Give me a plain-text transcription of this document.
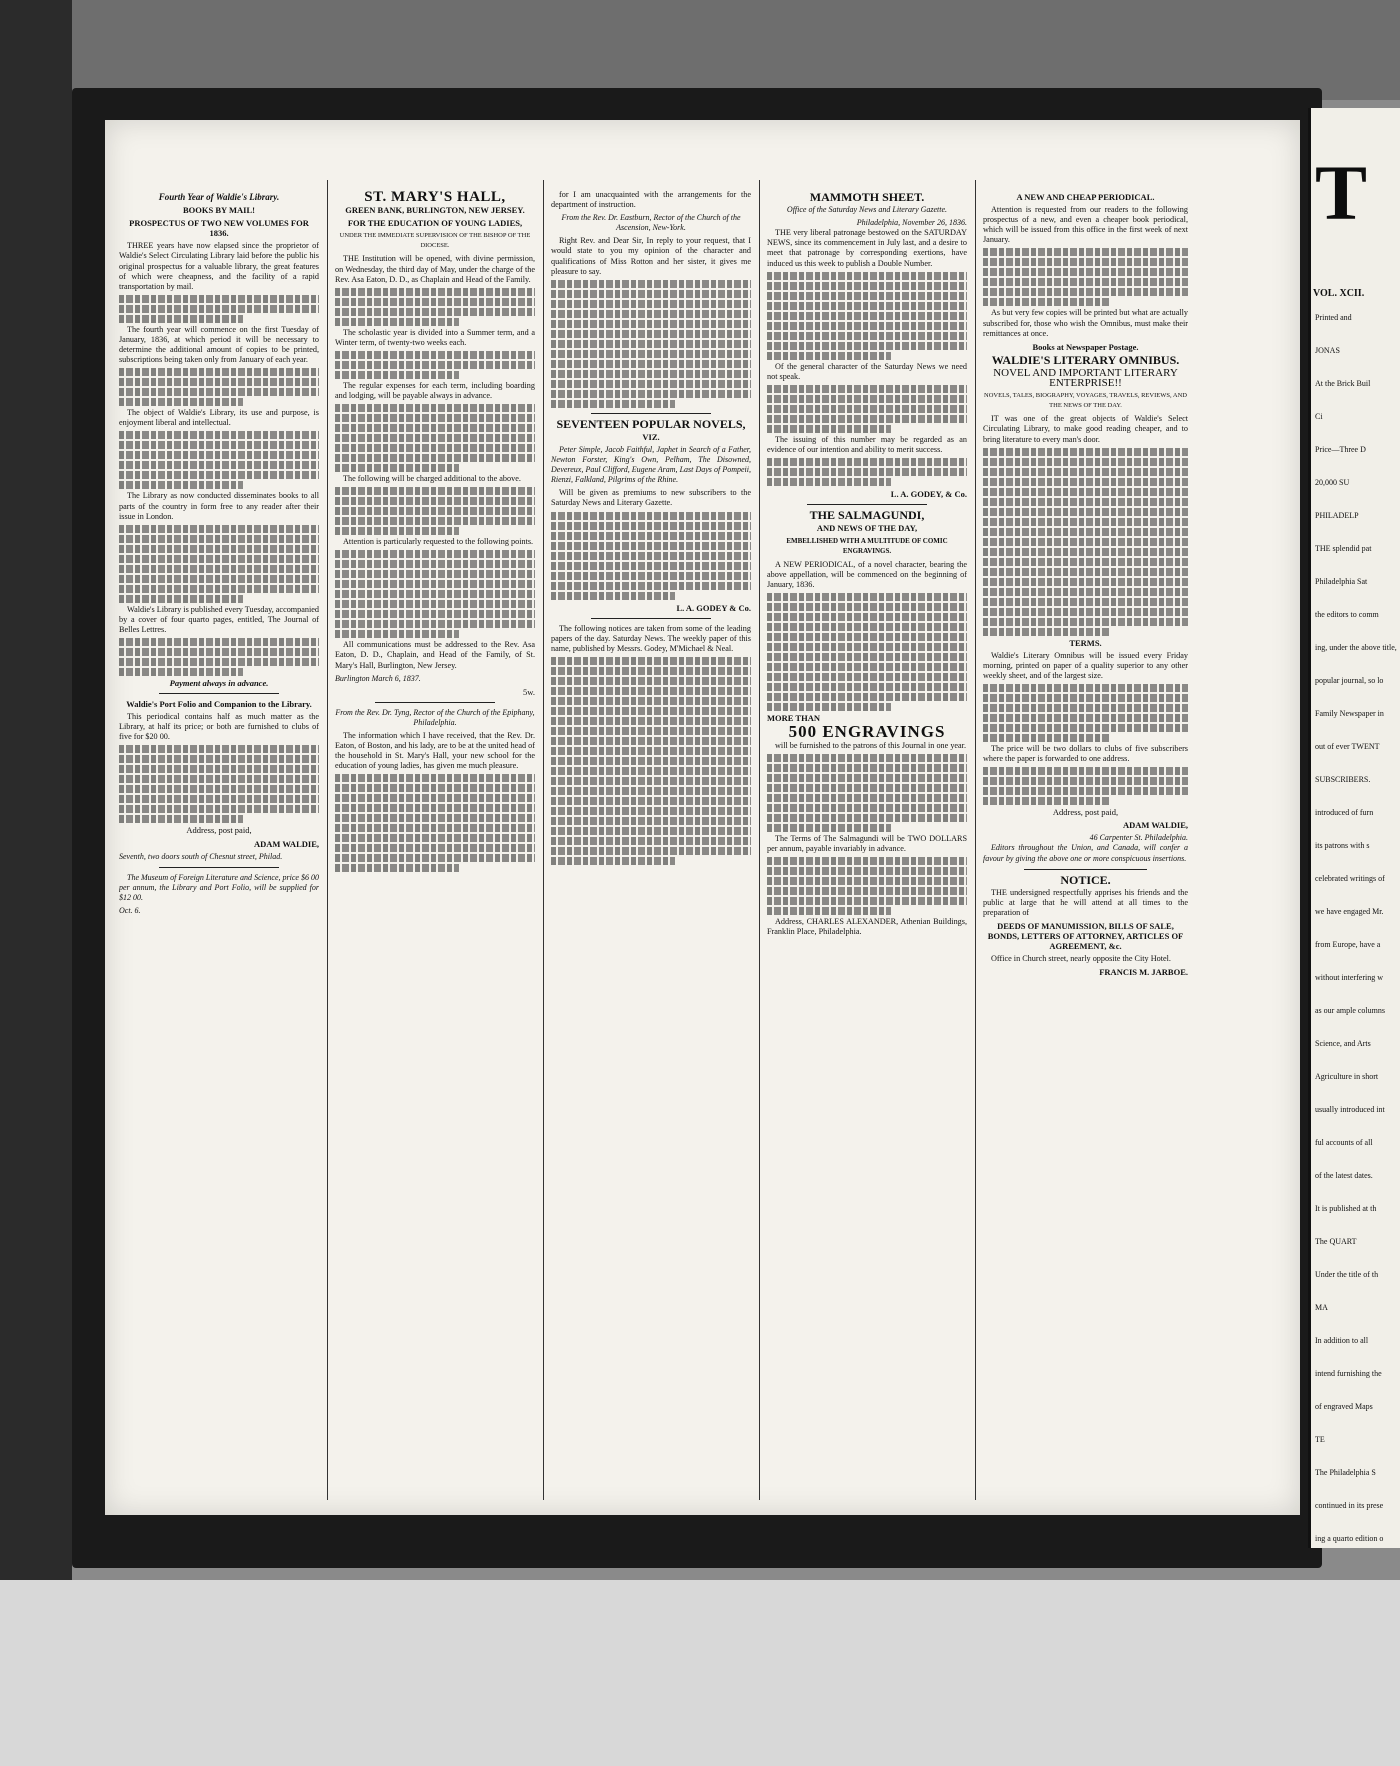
Fourth Year of Waldie's Library.
BOOKS BY MAIL!
PROSPECTUS OF TWO NEW VOLUMES FOR 1836.

THREE years have now elapsed since the proprietor of Waldie's Select Circulating Library laid before the public his original prospectus for a valuable library, the great features of which were cheapness, and the facility of a rapid transportation by mail.

The fourth year will commence on the first Tuesday of January, 1836, at which period it will be necessary to determine the additional amount of copies to be printed, subscriptions being taken only from January of each year.

The object of Waldie's Library, its use and purpose, is enjoyment liberal and intellectual.

The Library as now conducted disseminates books to all parts of the country in form free to any reader after their issue in London.

Waldie's Library is published every Tuesday, accompanied by a cover of four quarto pages, entitled, The Journal of Belles Lettres.

Payment always in advance.
Waldie's Port Folio and Companion to the Library.

This periodical contains half as much matter as the Library, at half its price; or both are furnished to clubs of five for $20 00.

Address, post paid,
ADAM WALDIE,
Seventh, two doors south of Chesnut street, Philad.

The Museum of Foreign Literature and Science, price $6 00 per annum, the Library and Port Folio, will be supplied for $12 00.

Oct. 6.
ST. MARY'S HALL,
GREEN BANK, BURLINGTON, NEW JERSEY.
FOR THE EDUCATION OF YOUNG LADIES,
UNDER THE IMMEDIATE SUPERVISION OF THE BISHOP OF THE DIOCESE.

THE Institution will be opened, with divine permission, on Wednesday, the third day of May, under the charge of the Rev. Asa Eaton, D. D., as Chaplain and Head of the Family.

The scholastic year is divided into a Summer term, and a Winter term, of twenty-two weeks each.

The regular expenses for each term, including boarding and lodging, will be payable always in advance.

The following will be charged additional to the above.

Attention is particularly requested to the following points.

All communications must be addressed to the Rev. Asa Eaton, D. D., Chaplain, and Head of the Family, of St. Mary's Hall, Burlington, New Jersey.

Burlington March 6, 1837.
5w.
From the Rev. Dr. Tyng, Rector of the Church of the Epiphany, Philadelphia.

The information which I have received, that the Rev. Dr. Eaton, of Boston, and his lady, are to be at the united head of the household in St. Mary's Hall, your new school for the education of young ladies, has given me much pleasure.

for I am unacquainted with the arrangements for the department of instruction.

From the Rev. Dr. Eastburn, Rector of the Church of the Ascension, New-York.

Right Rev. and Dear Sir, In reply to your request, that I would state to you my opinion of the character and qualifications of Miss Rotton and her sister, it gives me pleasure to say.

SEVENTEEN POPULAR NOVELS,
VIZ.

Peter Simple, Jacob Faithful, Japhet in Search of a Father, Newton Forster, King's Own, Pelham, The Disowned, Devereux, Paul Clifford, Eugene Aram, Last Days of Pompeii, Rienzi, Falkland, Pilgrims of the Rhine.

Will be given as premiums to new subscribers to the Saturday News and Literary Gazette.

L. A. GODEY & Co.

The following notices are taken from some of the leading papers of the day. Saturday News. The weekly paper of this name, published by Messrs. Godey, M'Michael & Neal.

MAMMOTH SHEET.
Office of the Saturday News and Literary Gazette.
Philadelphia, November 26, 1836.

THE very liberal patronage bestowed on the SATURDAY NEWS, since its commencement in July last, and a desire to meet that patronage by corresponding exertions, have induced us this week to publish a Double Number.

Of the general character of the Saturday News we need not speak.

The issuing of this number may be regarded as an evidence of our intention and ability to merit success.

L. A. GODEY, & Co.
THE SALMAGUNDI,
AND NEWS OF THE DAY,
EMBELLISHED WITH A MULTITUDE OF COMIC ENGRAVINGS.

A NEW PERIODICAL, of a novel character, bearing the above appellation, will be commenced on the beginning of January, 1836.

MORE THAN
500 ENGRAVINGS

will be furnished to the patrons of this Journal in one year.

The Terms of The Salmagundi will be TWO DOLLARS per annum, payable invariably in advance.

Address, CHARLES ALEXANDER, Athenian Buildings, Franklin Place, Philadelphia.

A NEW AND CHEAP PERIODICAL.

Attention is requested from our readers to the following prospectus of a new, and even a cheaper book periodical, which will be issued from this office in the first week of next January.

As but very few copies will be printed but what are actually subscribed for, those who wish the Omnibus, must make their remittances at once.

Books at Newspaper Postage.
WALDIE'S LITERARY OMNIBUS.
NOVEL AND IMPORTANT LITERARY ENTERPRISE!!
NOVELS, TALES, BIOGRAPHY, VOYAGES, TRAVELS, REVIEWS, AND THE NEWS OF THE DAY.

IT was one of the great objects of Waldie's Select Circulating Library, to make good reading cheaper, and to bring literature to every man's door.

TERMS.

Waldie's Literary Omnibus will be issued every Friday morning, printed on paper of a quality superior to any other weekly sheet, and of the largest size.

The price will be two dollars to clubs of five subscribers where the paper is forwarded to one address.

Address, post paid,
ADAM WALDIE,
46 Carpenter St. Philadelphia.

Editors throughout the Union, and Canada, will confer a favour by giving the above one or more conspicuous insertions.

NOTICE.

THE undersigned respectfully apprises his friends and the public at large that he will attend at all times to the preparation of

DEEDS OF MANUMISSION, BILLS OF SALE, BONDS, LETTERS OF ATTORNEY, ARTICLES OF AGREEMENT, &c.

Office in Church street, nearly opposite the City Hotel.

FRANCIS M. JARBOE.
T
VOL. XCII.
Printed and
JONAS
At the Brick Buil
Ci
Price—Three D
20,000 SU
PHILADELP
THE splendid pat
Philadelphia Sat
the editors to comm
ing, under the above title,
popular journal, so lo
Family Newspaper in
out of ever TWENT
SUBSCRIBERS.
introduced of furn
its patrons with s
celebrated writings of
we have engaged Mr.
from Europe, have a
without interfering w
as our ample columns
Science, and Arts
Agriculture in short
usually introduced int
ful accounts of all
of the latest dates.
It is published at th
The QUART
Under the title of th
MA
In addition to all
intend furnishing the
of engraved Maps
TE
The Philadelphia S
continued in its prese
ing a quarto edition o
